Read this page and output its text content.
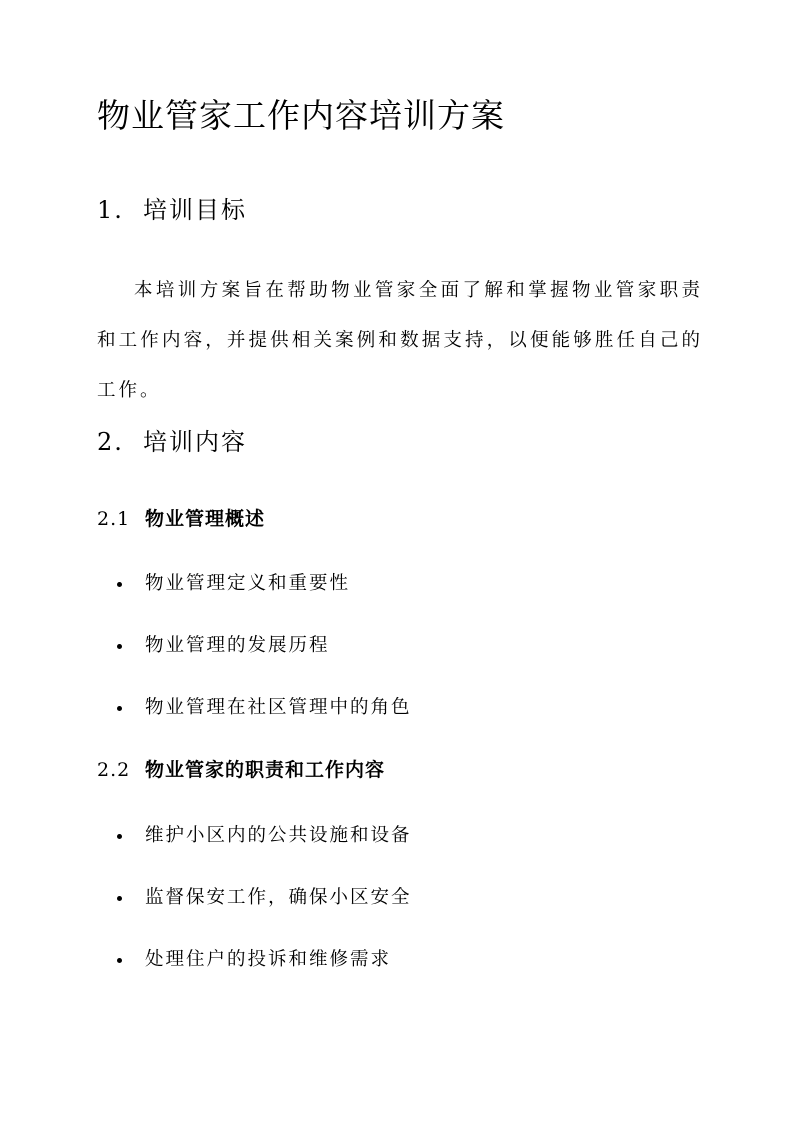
物业管家工作内容培训方案
1. 培训目标

本培训方案旨在帮助物业管家全面了解和掌握物业管家职责和工作内容，并提供相关案例和数据支持，以便能够胜任自己的工作。

2. 培训内容
2.1 物业管理概述
物业管理定义和重要性
物业管理的发展历程
物业管理在社区管理中的角色
2.2 物业管家的职责和工作内容
维护小区内的公共设施和设备
监督保安工作，确保小区安全
处理住户的投诉和维修需求
